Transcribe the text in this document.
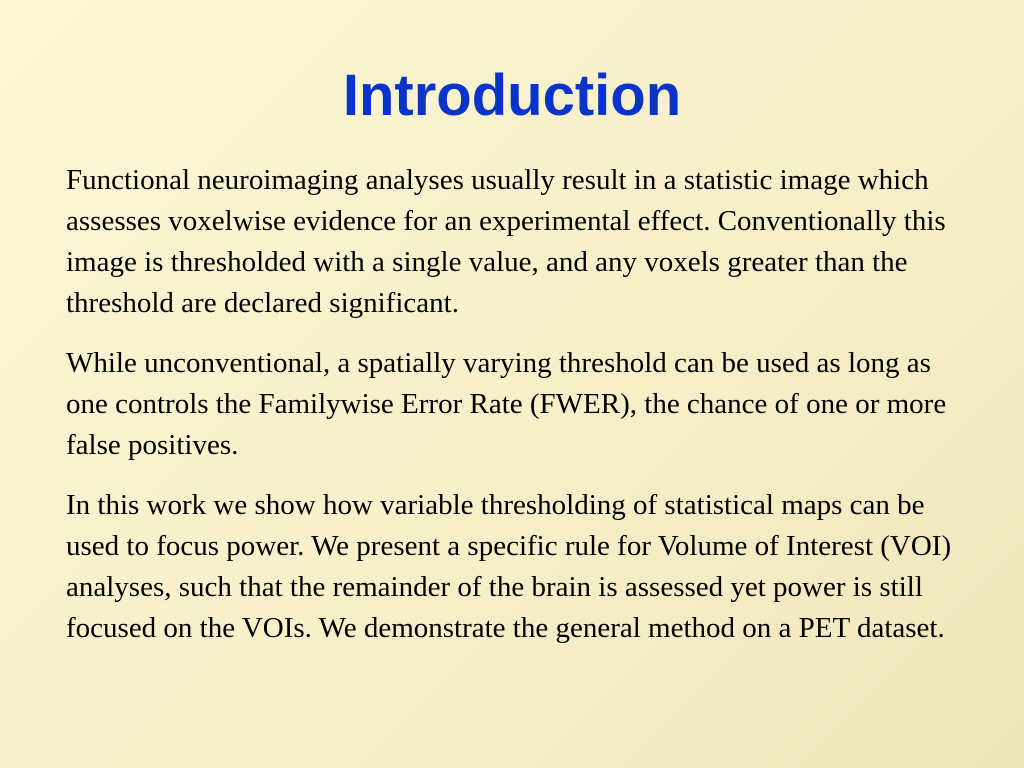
Introduction

Functional neuroimaging analyses usually result in a statistic image which assesses voxelwise evidence for an experimental effect. Conventionally this image is thresholded with a single value, and any voxels greater than the threshold are declared significant.

While unconventional, a spatially varying threshold can be used as long as one controls the Familywise Error Rate (FWER), the chance of one or more false positives.

In this work we show how variable thresholding of statistical maps can be used to focus power. We present a specific rule for Volume of Interest (VOI) analyses, such that the remainder of the brain is assessed yet power is still focused on the VOIs. We demonstrate the general method on a PET dataset.
